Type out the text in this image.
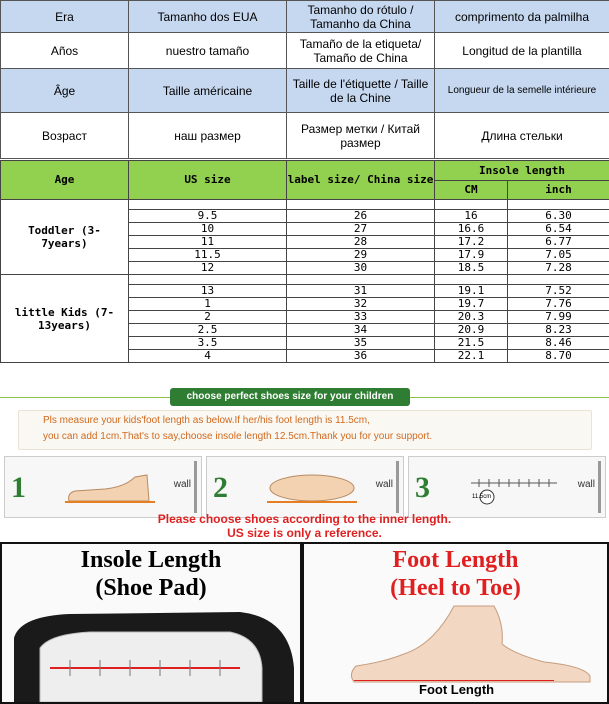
Era	Tamanho dos EUA	Tamanho do rótulo / Tamanho da China	comprimento da palmilha
Años	nuestro tamaño	Tamaño de la etiqueta/ Tamaño de China	Longitud de la plantilla
Âge	Taille américaine	Taille de l'étiquette / Taille de la Chine	Longueur de la semelle intérieure
Возраст	наш размер	Размер метки / Китай размер	Длина стельки
Age	US size	label size/ China size	Insole length	
			CM	inch
Toddler (3-7years)				
	9.5	26	16	6.30
	10	27	16.6	6.54
	11	28	17.2	6.77
	11.5	29	17.9	7.05
	12	30	18.5	7.28
little Kids (7-13years)				
	13	31	19.1	7.52
	1	32	19.7	7.76
	2	33	20.3	7.99
	2.5	34	20.9	8.23
	3.5	35	21.5	8.46
	4	36	22.1	8.70
choose perfect shoes size for your children
Pls measure your kids'foot length as below.If her/his foot length is 11.5cm,
you can add 1cm.That's to say,choose insole length 12.5cm.Thank you for your support.
1	wall 2	wall 3	11.5cm
wall
Please choose shoes according to the inner length.
US size is only a reference.
Insole Length
(Shoe Pad)
Foot Length
(Heel to Toe)
Foot Length
